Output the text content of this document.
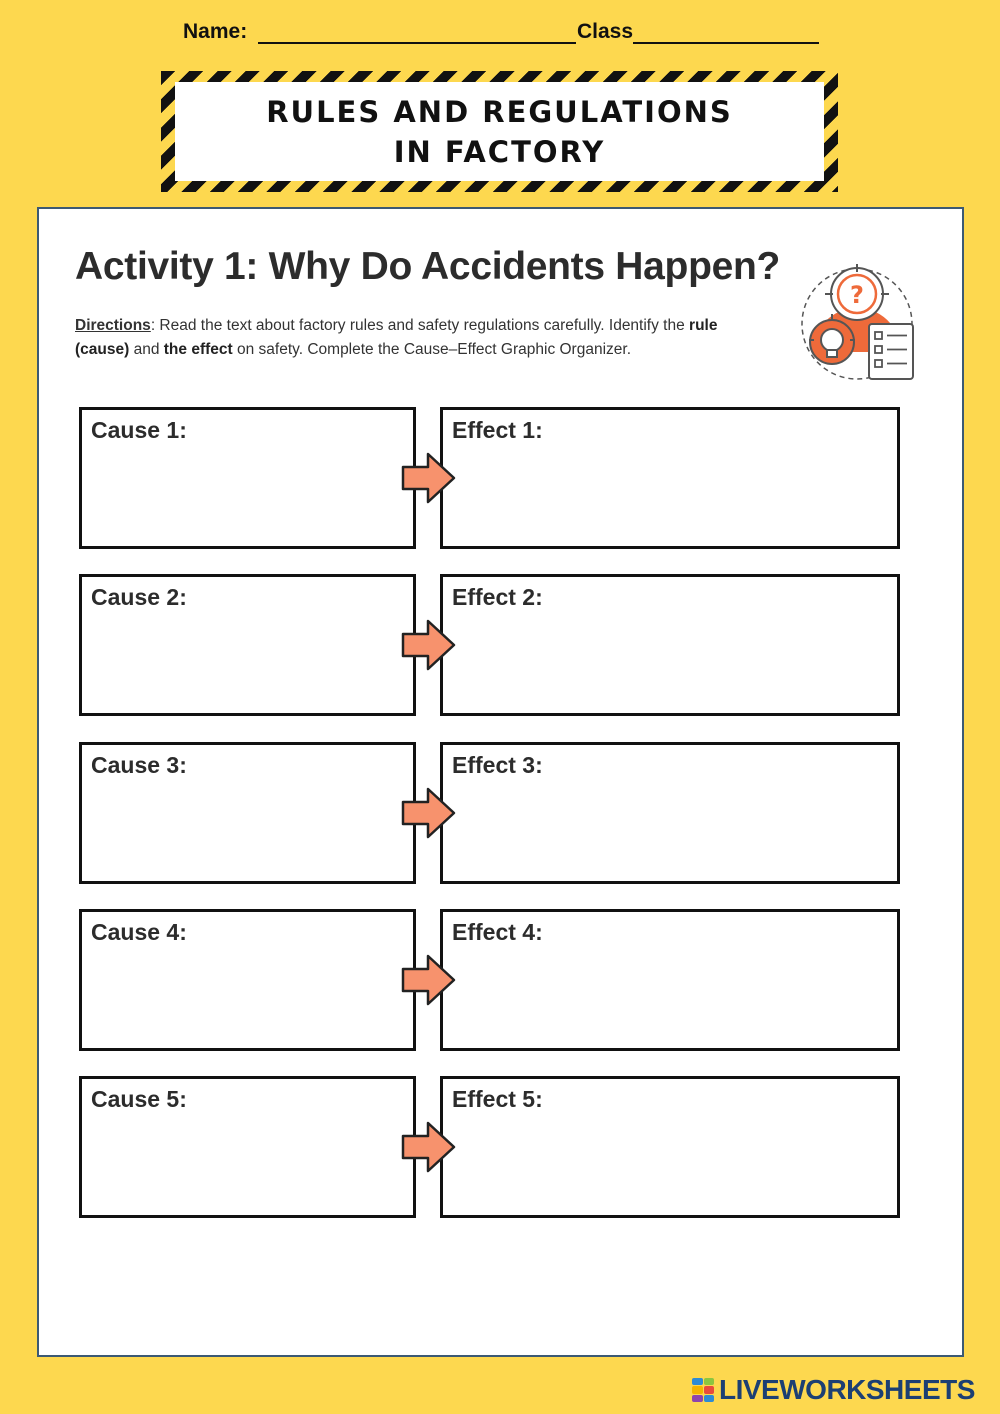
Name:	Class
RULES AND REGULATIONS
IN FACTORY
Activity 1: Why Do Accidents Happen?

Directions: Read the text about factory rules and safety regulations carefully. Identify the rule (cause) and the effect on safety. Complete the Cause–Effect Graphic Organizer.

?
Cause 1:	Effect 1:
Cause 2:	Effect 2:
Cause 3:	Effect 3:
Cause 4:	Effect 4:
Cause 5:	Effect 5:
LIVEWORKSHEETS
